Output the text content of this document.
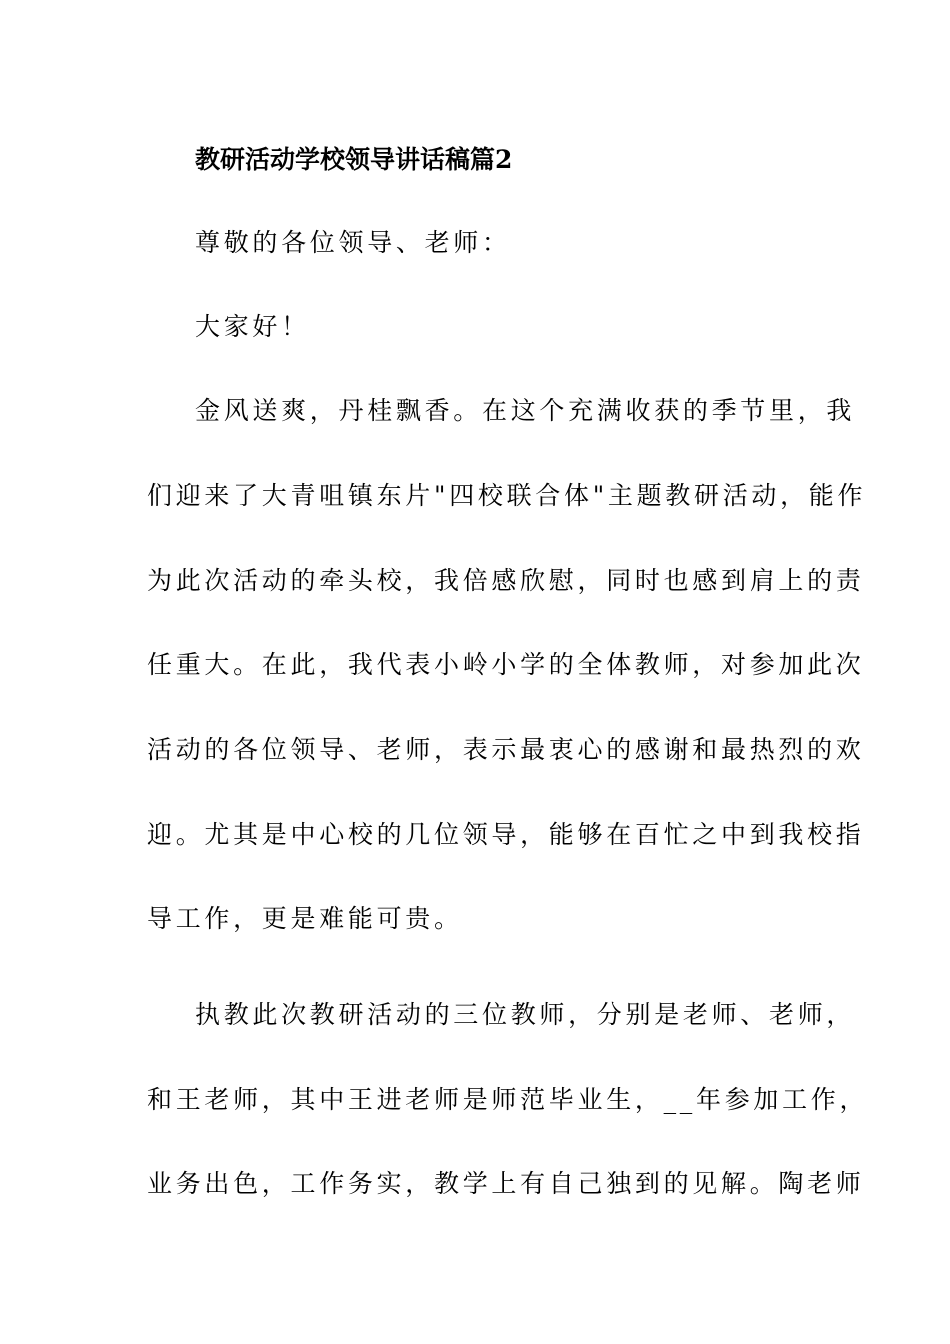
教研活动学校领导讲话稿篇2
尊敬的各位领导、老师：
大家好！
金风送爽，丹桂飘香。在这个充满收获的季节里，我
们迎来了大青咀镇东片"四校联合体"主题教研活动，能作
为此次活动的牵头校，我倍感欣慰，同时也感到肩上的责
任重大。在此，我代表小岭小学的全体教师，对参加此次
活动的各位领导、老师，表示最衷心的感谢和最热烈的欢
迎。尤其是中心校的几位领导，能够在百忙之中到我校指
导工作，更是难能可贵。
执教此次教研活动的三位教师，分别是老师、老师，
和王老师，其中王进老师是师范毕业生，__年参加工作，
业务出色，工作务实，教学上有自己独到的见解。陶老师
